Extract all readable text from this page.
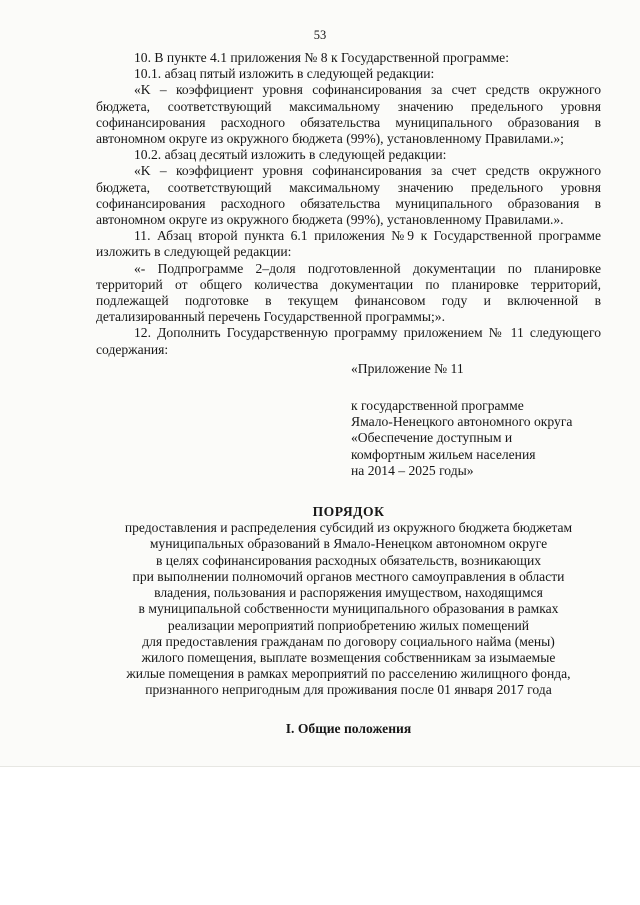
53

10. В пункте 4.1 приложения № 8 к Государственной программе:

10.1. абзац пятый изложить в следующей редакции:

«K – коэффициент уровня софинансирования за счет средств окружного бюджета, соответствующий максимальному значению предельного уровня софинансирования расходного обязательства муниципального образования в автономном округе из окружного бюджета (99%), установленному Правилами.»;

10.2. абзац десятый изложить в следующей редакции:

«K – коэффициент уровня софинансирования за счет средств окружного бюджета, соответствующий максимальному значению предельного уровня софинансирования расходного обязательства муниципального образования в автономном округе из окружного бюджета (99%), установленному Правилами.».

11. Абзац второй пункта 6.1 приложения №9 к Государственной программе изложить в следующей редакции:

«- Подпрограмме 2–доля подготовленной документации по планировке территорий от общего количества документации по планировке территорий, подлежащей подготовке в текущем финансовом году и включенной в детализированный перечень Государственной программы;».

12. Дополнить Государственную программу приложением № 11 следующего содержания:

«Приложение № 11
к государственной программе
Ямало-Ненецкого автономного округа
«Обеспечение доступным и
комфортным жильем населения
на 2014 – 2025 годы»
ПОРЯДОК
предоставления и распределения субсидий из окружного бюджета бюджетам
муниципальных образований в Ямало-Ненецком автономном округе
в целях софинансирования расходных обязательств, возникающих
при выполнении полномочий органов местного самоуправления в области
владения, пользования и распоряжения имуществом, находящимся
в муниципальной собственности муниципального образования в рамках
реализации мероприятий поприобретению жилых помещений
для предоставления гражданам по договору социального найма (мены)
жилого помещения, выплате возмещения собственникам за изымаемые
жилые помещения в рамках мероприятий по расселению жилищного фонда,
признанного непригодным для проживания после 01 января 2017 года
I. Общие положения
